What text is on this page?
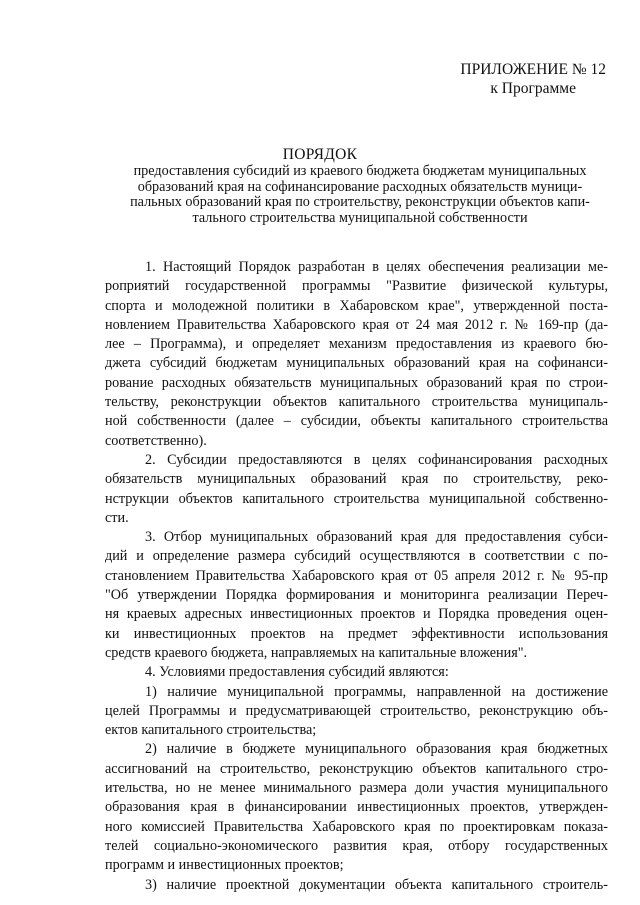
ПРИЛОЖЕНИЕ № 12
к Программе
ПОРЯДОК
предоставления субсидий из краевого бюджета бюджетам муниципальных
образований края на софинансирование расходных обязательств муници-
пальных образований края по строительству, реконструкции объектов капи-
тального строительства муниципальной собственности

1. Настоящий Порядок разработан в целях обеспечения реализации ме-
роприятий государственной программы "Развитие физической культуры,
спорта и молодежной политики в Хабаровском крае", утвержденной поста-
новлением Правительства Хабаровского края от 24 мая 2012 г. № 169-пр (да-
лее – Программа), и определяет механизм предоставления из краевого бю-
джета субсидий бюджетам муниципальных образований края на софинанси-
рование расходных обязательств муниципальных образований края по строи-
тельству, реконструкции объектов капитального строительства муниципаль-
ной собственности (далее – субсидии, объекты капитального строительства
соответственно).

2. Субсидии предоставляются в целях софинансирования расходных
обязательств муниципальных образований края по строительству, реко-
нструкции объектов капитального строительства муниципальной собственно-
сти.

3. Отбор муниципальных образований края для предоставления субси-
дий и определение размера субсидий осуществляются в соответствии с по-
становлением Правительства Хабаровского края от 05 апреля 2012 г. № 95-пр
"Об утверждении Порядка формирования и мониторинга реализации Переч-
ня краевых адресных инвестиционных проектов и Порядка проведения оцен-
ки инвестиционных проектов на предмет эффективности использования
средств краевого бюджета, направляемых на капитальные вложения".

4. Условиями предоставления субсидий являются:

1) наличие муниципальной программы, направленной на достижение
целей Программы и предусматривающей строительство, реконструкцию объ-
ектов капитального строительства;

2) наличие в бюджете муниципального образования края бюджетных
ассигнований на строительство, реконструкцию объектов капитального стро-
ительства, но не менее минимального размера доли участия муниципального
образования края в финансировании инвестиционных проектов, утвержден-
ного комиссией Правительства Хабаровского края по проектировкам показа-
телей социально-экономического развития края, отбору государственных
программ и инвестиционных проектов;

3) наличие проектной документации объекта капитального строитель-
